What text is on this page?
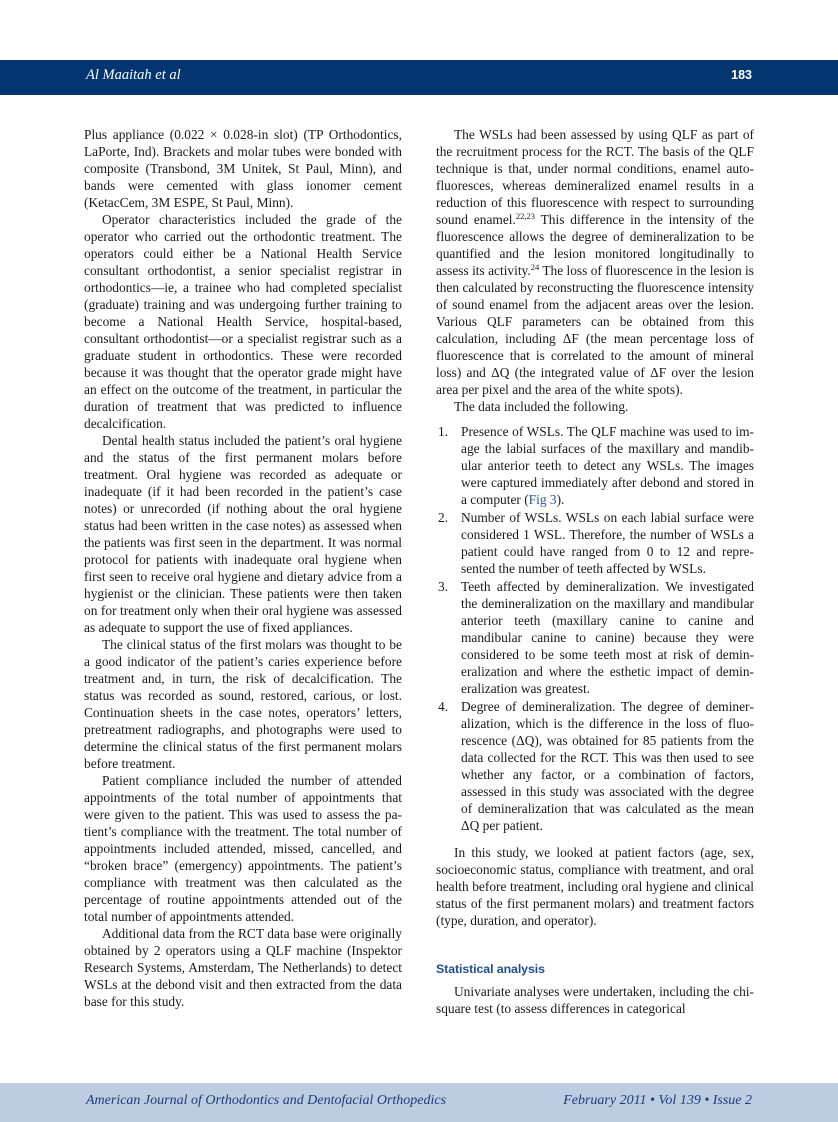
Al Maaitah et al	183

Plus appliance (0.022 × 0.028-in slot) (TP Orthodontics, LaPorte, Ind). Brackets and molar tubes were bonded with composite (Transbond, 3M Unitek, St Paul, Minn), and bands were cemented with glass ionomer cement (KetacCem, 3M ESPE, St Paul, Minn).

Operator characteristics included the grade of the operator who carried out the orthodontic treatment. The operators could either be a National Health Service consultant orthodontist, a senior specialist registrar in orthodontics—ie, a trainee who had completed specialist (graduate) training and was undergoing further training to become a National Health Service, hospital-based, consultant orthodontist—or a specialist registrar such as a graduate student in orthodontics. These were recorded because it was thought that the operator grade might have an effect on the outcome of the treatment, in particular the duration of treatment that was predicted to influence decalcification.

Dental health status included the patient’s oral hygiene and the status of the first permanent molars before treatment. Oral hygiene was recorded as adequate or inadequate (if it had been recorded in the patient’s case notes) or unrecorded (if nothing about the oral hygiene status had been written in the case notes) as assessed when the patients was first seen in the department. It was normal protocol for patients with inadequate oral hygiene when first seen to receive oral hygiene and dietary advice from a hygienist or the clinician. These patients were then taken on for treatment only when their oral hygiene was assessed as adequate to support the use of fixed appliances.

The clinical status of the first molars was thought to be a good indicator of the patient’s caries experience before treatment and, in turn, the risk of decalcification. The status was recorded as sound, restored, carious, or lost. Continuation sheets in the case notes, operators’ letters, pretreatment radiographs, and photographs were used to determine the clinical status of the first permanent molars before treatment.

Patient compliance included the number of attended appointments of the total number of appointments that were given to the patient. This was used to assess the patient’s compliance with the treatment. The total number of appointments included attended, missed, cancelled, and “broken brace” (emergency) appointments. The patient’s compliance with treatment was then calculated as the percentage of routine appointments attended out of the total number of appointments attended.

Additional data from the RCT data base were originally obtained by 2 operators using a QLF machine (Inspektor Research Systems, Amsterdam, The Netherlands) to detect WSLs at the debond visit and then extracted from the data base for this study.

The WSLs had been assessed by using QLF as part of the recruitment process for the RCT. The basis of the QLF technique is that, under normal conditions, enamel auto-fluoresces, whereas demineralized enamel results in a reduction of this fluorescence with respect to surrounding sound enamel.$^{22,23}$ This difference in the intensity of the fluorescence allows the degree of demineralization to be quantified and the lesion monitored longitudinally to assess its activity.$^{24}$ The loss of fluorescence in the lesion is then calculated by reconstructing the fluorescence intensity of sound enamel from the adjacent areas over the lesion. Various QLF parameters can be obtained from this calculation, including ΔF (the mean percentage loss of fluorescence that is correlated to the amount of mineral loss) and ΔQ (the integrated value of ΔF over the lesion area per pixel and the area of the white spots).

The data included the following.

1. Presence of WSLs. The QLF machine was used to image the labial surfaces of the maxillary and mandibular anterior teeth to detect any WSLs. The images were captured immediately after debond and stored in a computer (Fig 3).
2. Number of WSLs. WSLs on each labial surface were considered 1 WSL. Therefore, the number of WSLs a patient could have ranged from 0 to 12 and represented the number of teeth affected by WSLs.
3. Teeth affected by demineralization. We investigated the demineralization on the maxillary and mandibular anterior teeth (maxillary canine to canine and mandibular canine to canine) because they were considered to be some teeth most at risk of demineralization and where the esthetic impact of demineralization was greatest.
4. Degree of demineralization. The degree of demineralization, which is the difference in the loss of fluorescence (ΔQ), was obtained for 85 patients from the data collected for the RCT. This was then used to see whether any factor, or a combination of factors, assessed in this study was associated with the degree of demineralization that was calculated as the mean ΔQ per patient.

In this study, we looked at patient factors (age, sex, socioeconomic status, compliance with treatment, and oral health before treatment, including oral hygiene and clinical status of the first permanent molars) and treatment factors (type, duration, and operator).

Statistical analysis

Univariate analyses were undertaken, including the chi-square test (to assess differences in categorical

American Journal of Orthodontics and Dentofacial Orthopedics	February 2011 • Vol 139 • Issue 2
